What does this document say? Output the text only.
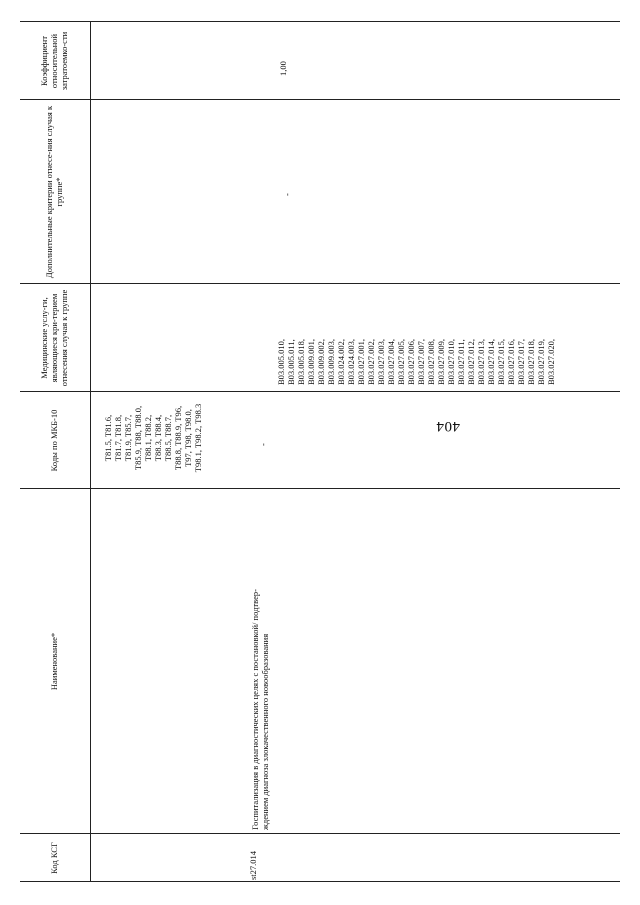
Код КСГ
Наименование*
Коды по МКБ-10
Медицинские услу-ги, являющиеся кри-терием отнесения случая к группе
Дополнительные критерии отнесе-ния случая к группе*
Коэффициент относительной затратоемко-сти
T81.5, T81.6,
T81.7, T81.8,
T81.9, T85.7,
T85.9, T88, T88.0,
T88.1, T88.2,
T88.3, T88.4,
T88.5, T88.7,
T88.8, T88.9, T96,
T97, T98, T98.0,
T98.1, T98.2, T98.3
st27.014
Госпитализация в диагностических целях с постановкой/ подтвер-
ждением диагноза злокачественного новообразования
-
B03.005.010,
B03.005.011,
B03.005.018,
B03.009.001,
B03.009.002,
B03.009.003,
B03.024.002,
B03.024.003,
B03.027.001,
B03.027.002,
B03.027.003,
B03.027.004,
B03.027.005,
B03.027.006,
B03.027.007,
B03.027.008,
B03.027.009,
B03.027.010,
B03.027.011,
B03.027.012,
B03.027.013,
B03.027.014,
B03.027.015,
B03.027.016,
B03.027.017,
B03.027.018,
B03.027.019,
B03.027.020,
-
1,00
404
